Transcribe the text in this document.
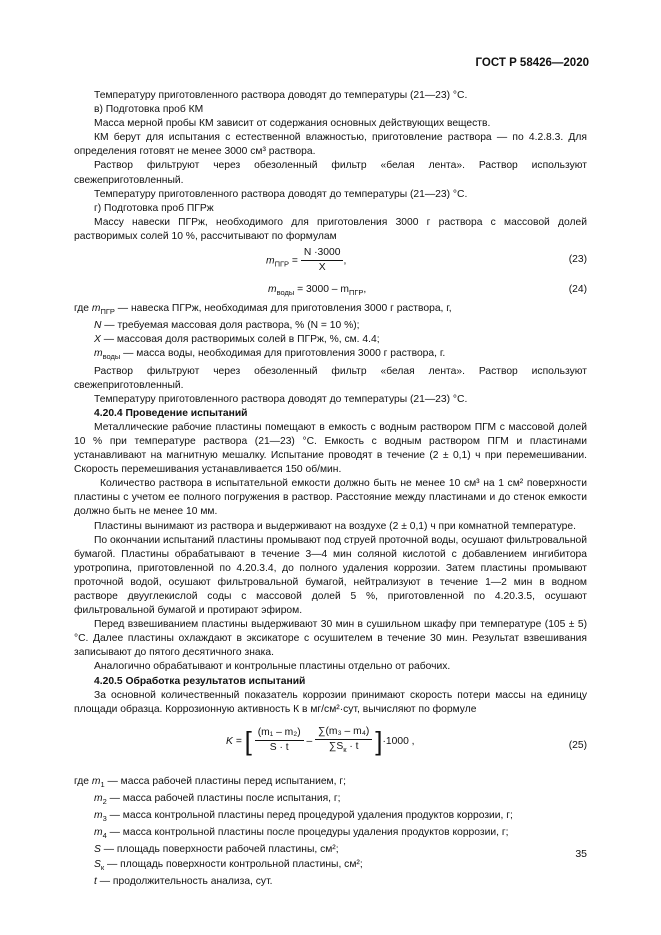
ГОСТ Р 58426—2020

Температуру приготовленного раствора доводят до температуры (21—23) °С.

в) Подготовка проб КМ

Масса мерной пробы КМ зависит от содержания основных действующих веществ.

КМ берут для испытания с естественной влажностью, приготовление раствора — по 4.2.8.3. Для определения готовят не менее 3000 см³ раствора.

Раствор фильтруют через обезоленный фильтр «белая лента». Раствор используют свежеприготовленный.

Температуру приготовленного раствора доводят до температуры (21—23) °С.

г) Подготовка проб ПГРж

Массу навески ПГРж, необходимого для приготовления 3000 г раствора с массовой долей растворимых солей 10 %, рассчитывают по формулам

$m_{ПГР} = \frac{N \cdot 3000}{X}$ ,	(23)
$m_{воды} = 3000 - m_{ПГР}$,	(24)

где $m_{ПГР}$ — навеска ПГРж, необходимая для приготовления 3000 г раствора, г,

N — требуемая массовая доля раствора, % (N = 10 %);

X — массовая доля растворимых солей в ПГРж, %, см. 4.4;

$m_{воды}$ — масса воды, необходимая для приготовления 3000 г раствора, г.

Раствор фильтруют через обезоленный фильтр «белая лента». Раствор используют свежеприготовленный.

Температуру приготовленного раствора доводят до температуры (21—23) °С.

4.20.4 Проведение испытаний

Металлические рабочие пластины помещают в емкость с водным раствором ПГМ с массовой долей 10 % при температуре раствора (21—23) °С. Емкость с водным раствором ПГМ и пластинами устанавливают на магнитную мешалку. Испытание проводят в течение (2 ± 0,1) ч при перемешивании. Скорость перемешивания устанавливается 150 об/мин.

Количество раствора в испытательной емкости должно быть не менее 10 см³ на 1 см² поверхности пластины с учетом ее полного погружения в раствор. Расстояние между пластинами и до стенок емкости должно быть не менее 10 мм.

Пластины вынимают из раствора и выдерживают на воздухе (2 ± 0,1) ч при комнатной температуре.

По окончании испытаний пластины промывают под струей проточной воды, осушают фильтровальной бумагой. Пластины обрабатывают в течение 3—4 мин соляной кислотой с добавлением ингибитора уротропина, приготовленной по 4.20.3.4, до полного удаления коррозии. Затем пластины промывают проточной водой, осушают фильтровальной бумагой, нейтрализуют в течение 1—2 мин в водном растворе двууглекислой соды с массовой долей 5 %, приготовленной по 4.20.3.5, осушают фильтровальной бумагой и протирают эфиром.

Перед взвешиванием пластины выдерживают 30 мин в сушильном шкафу при температуре (105 ± 5) °С. Далее пластины охлаждают в эксикаторе с осушителем в течение 30 мин. Результат взвешивания записывают до пятого десятичного знака.

Аналогично обрабатывают и контрольные пластины отдельно от рабочих.

4.20.5 Обработка результатов испытаний

За основной количественный показатель коррозии принимают скорость потери массы на единицу площади образца. Коррозионную активность К в мг/см²·сут, вычисляют по формуле

K = [ $\frac{\text{(m₁ – m₂)}}{S \cdot t} - \frac{\text{∑(m₃ – m₄)}}{\sum S_к \cdot t} ]\cdot 1000$ ,	(25)

где $m_1$ — масса рабочей пластины перед испытанием, г;

$m_2$ — масса рабочей пластины после испытания, г;

$m_3$ — масса контрольной пластины перед процедурой удаления продуктов коррозии, г;

$m_4$ — масса контрольной пластины после процедуры удаления продуктов коррозии, г;

S — площадь поверхности рабочей пластины, см²;

$S_к$ — площадь поверхности контрольной пластины, см²;

t — продолжительность анализа, сут.

35
